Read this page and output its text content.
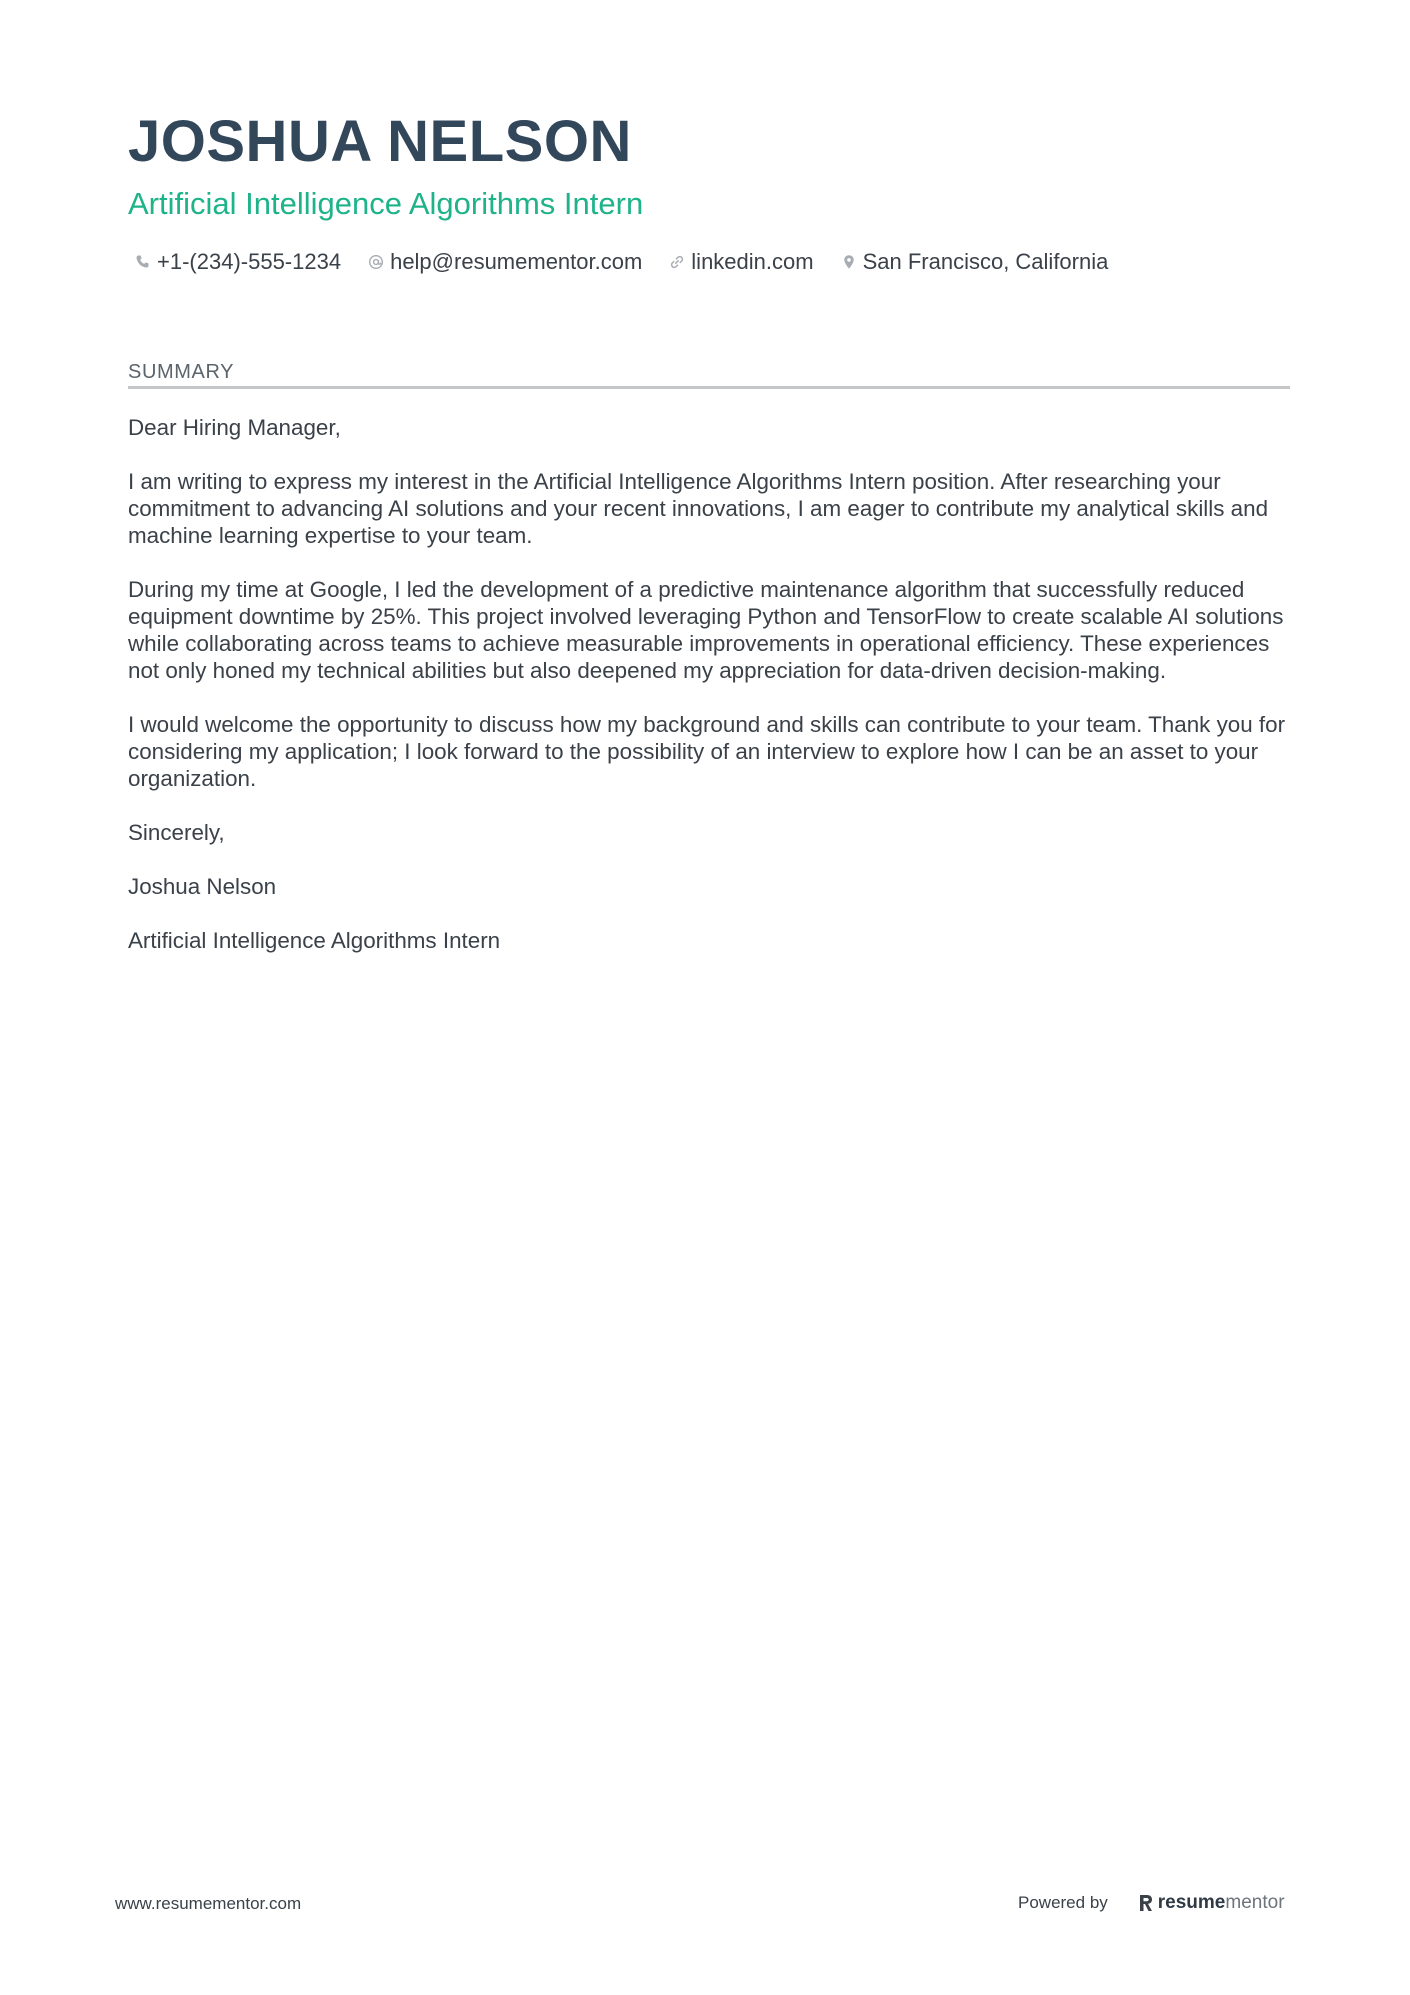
JOSHUA NELSON
Artificial Intelligence Algorithms Intern
+1-(234)-555-1234 help@resumementor.com linkedin.com San Francisco, California
SUMMARY

Dear Hiring Manager,

I am writing to express my interest in the Artificial Intelligence Algorithms Intern position. After researching your commitment to advancing AI solutions and your recent innovations, I am eager to contribute my analytical skills and machine learning expertise to your team.

During my time at Google, I led the development of a predictive maintenance algorithm that successfully reduced equipment downtime by 25%. This project involved leveraging Python and TensorFlow to create scalable AI solutions while collaborating across teams to achieve measurable improvements in operational efficiency. These experiences not only honed my technical abilities but also deepened my appreciation for data-driven decision-making.

I would welcome the opportunity to discuss how my background and skills can contribute to your team. Thank you for considering my application; I look forward to the possibility of an interview to explore how I can be an asset to your organization.

Sincerely,

Joshua Nelson

Artificial Intelligence Algorithms Intern

www.resumementor.com	Powered by	resume mentor
